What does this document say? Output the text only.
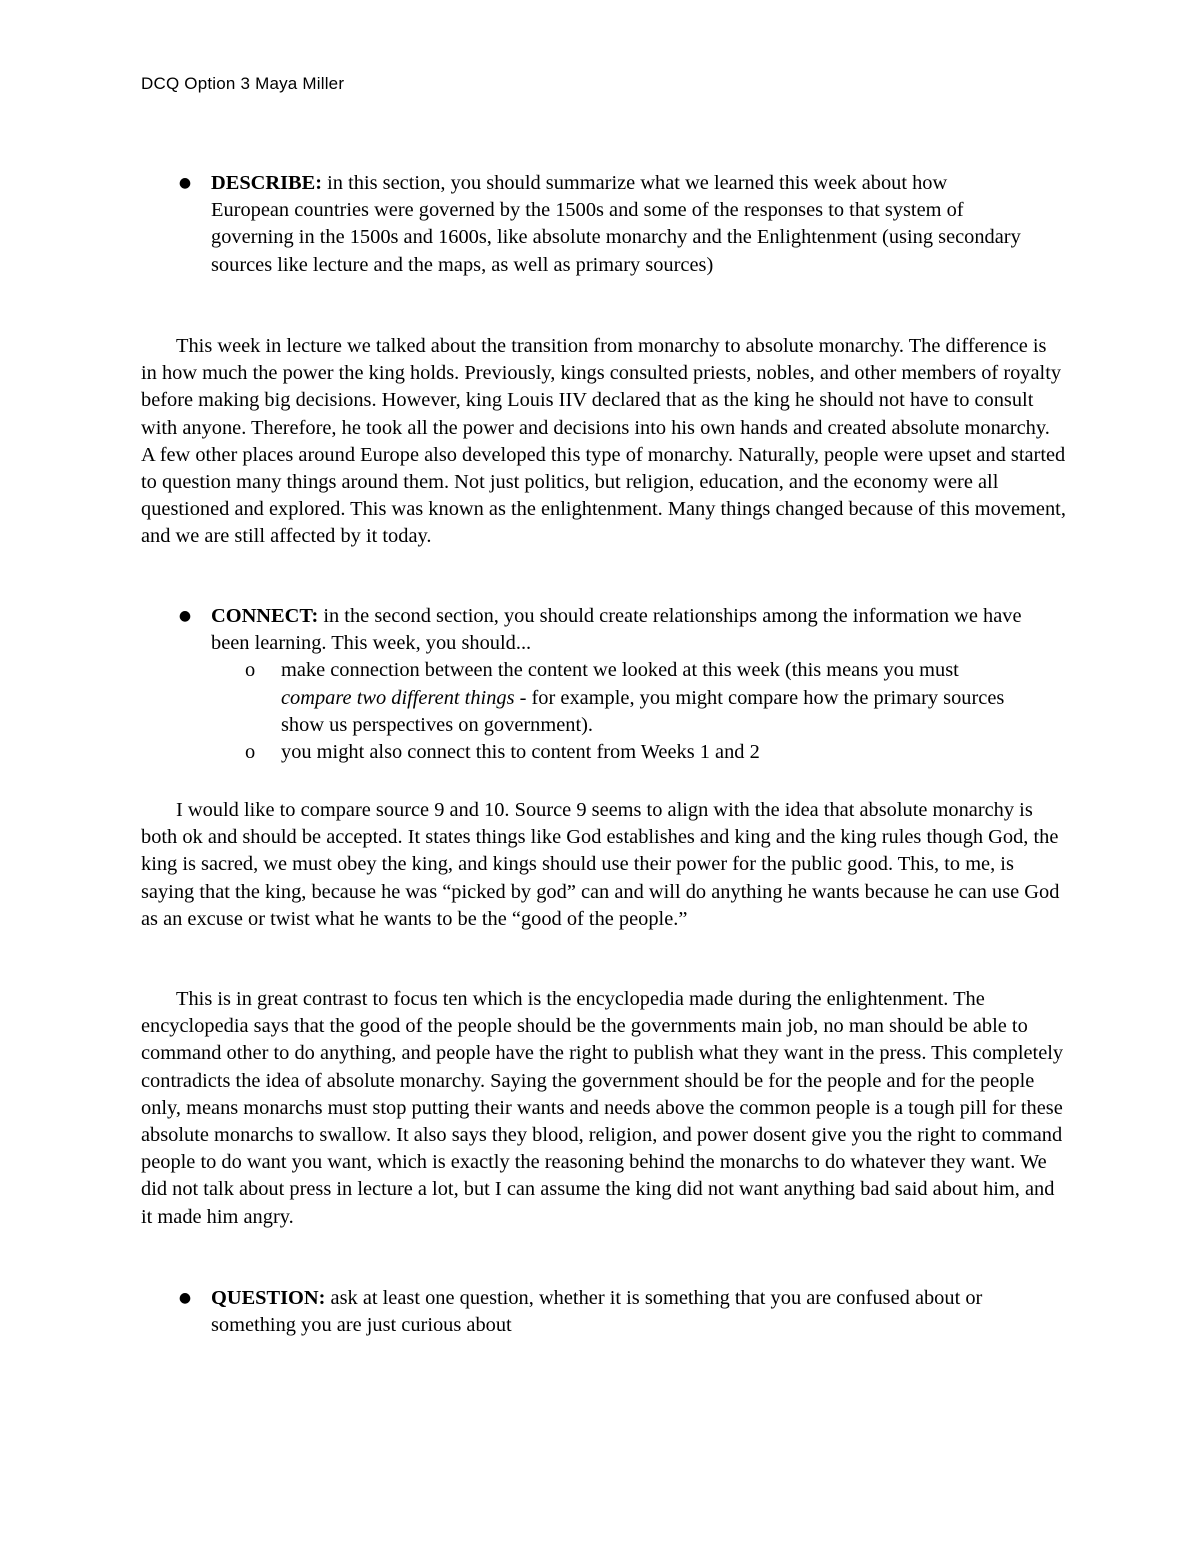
DCQ Option 3 Maya Miller
● DESCRIBE: in this section, you should summarize what we learned this week about how European countries were governed by the 1500s and some of the responses to that system of governing in the 1500s and 1600s, like absolute monarchy and the Enlightenment (using secondary sources like lecture and the maps, as well as primary sources)

This week in lecture we talked about the transition from monarchy to absolute monarchy. The difference is in how much the power the king holds. Previously, kings consulted priests, nobles, and other members of royalty before making big decisions. However, king Louis IIV declared that as the king he should not have to consult with anyone. Therefore, he took all the power and decisions into his own hands and created absolute monarchy. A few other places around Europe also developed this type of monarchy. Naturally, people were upset and started to question many things around them. Not just politics, but religion, education, and the economy were all questioned and explored. This was known as the enlightenment. Many things changed because of this movement, and we are still affected by it today.

● CONNECT: in the second section, you should create relationships among the information we have been learning. This week, you should...
o make connection between the content we looked at this week (this means you must compare two different things - for example, you might compare how the primary sources show us perspectives on government).
o you might also connect this to content from Weeks 1 and 2

I would like to compare source 9 and 10. Source 9 seems to align with the idea that absolute monarchy is both ok and should be accepted. It states things like God establishes and king and the king rules though God, the king is sacred, we must obey the king, and kings should use their power for the public good. This, to me, is saying that the king, because he was “picked by god” can and will do anything he wants because he can use God as an excuse or twist what he wants to be the “good of the people.”

This is in great contrast to focus ten which is the encyclopedia made during the enlightenment. The encyclopedia says that the good of the people should be the governments main job, no man should be able to command other to do anything, and people have the right to publish what they want in the press. This completely contradicts the idea of absolute monarchy. Saying the government should be for the people and for the people only, means monarchs must stop putting their wants and needs above the common people is a tough pill for these absolute monarchs to swallow. It also says they blood, religion, and power dosent give you the right to command people to do want you want, which is exactly the reasoning behind the monarchs to do whatever they want. We did not talk about press in lecture a lot, but I can assume the king did not want anything bad said about him, and it made him angry.

● QUESTION: ask at least one question, whether it is something that you are confused about or something you are just curious about
